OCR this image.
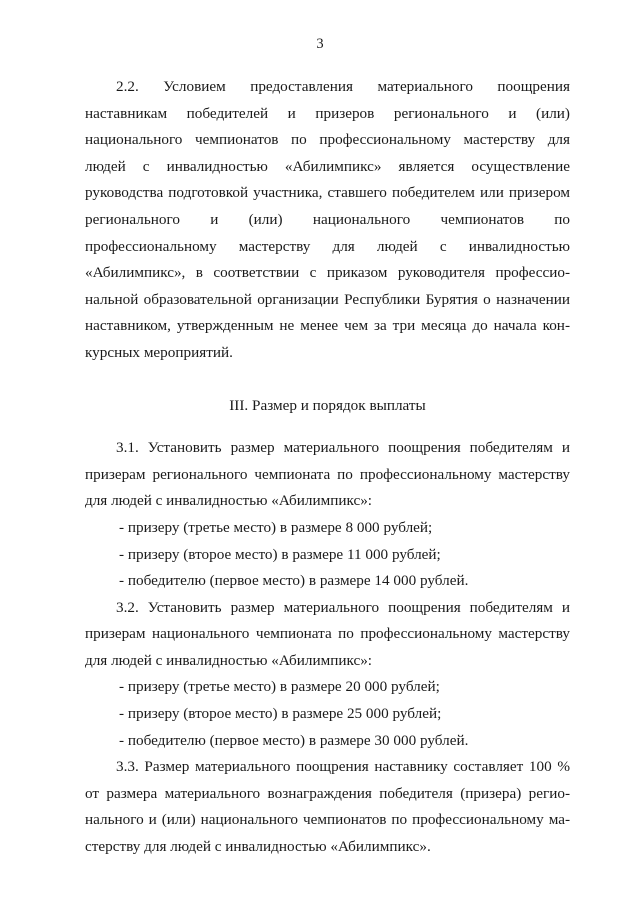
3

2.2. Условием предоставления материального поощрения наставникам победителей и призеров регионального и (или) национального чемпионатов по профессиональному мастерству для людей с инвалидностью «Абилимпикс» является осуществление руководства подготовкой участника, ставшего победителем или призером регионального и (или) национального чемпионатов по профессиональному мастерству для людей с инвалидностью «Абилимпикс», в соответствии с приказом руководителя профессиональной образовательной организации Республики Бурятия о назначении наставником, утвержденным не менее чем за три месяца до начала конкурсных мероприятий.

III. Размер и порядок выплаты

3.1. Установить размер материального поощрения победителям и призерам регионального чемпионата по профессиональному мастерству для людей с инвалидностью «Абилимпикс»:

- призеру (третье место) в размере 8 000 рублей;

- призеру (второе место) в размере 11 000 рублей;

- победителю (первое место) в размере 14 000 рублей.

3.2. Установить размер материального поощрения победителям и призерам национального чемпионата по профессиональному мастерству для людей с инвалидностью «Абилимпикс»:

- призеру (третье место) в размере 20 000 рублей;

- призеру (второе место) в размере 25 000 рублей;

- победителю (первое место) в размере 30 000 рублей.

3.3. Размер материального поощрения наставнику составляет 100 % от размера материального вознаграждения победителя (призера) регионального и (или) национального чемпионатов по профессиональному мастерству для людей с инвалидностью «Абилимпикс».
